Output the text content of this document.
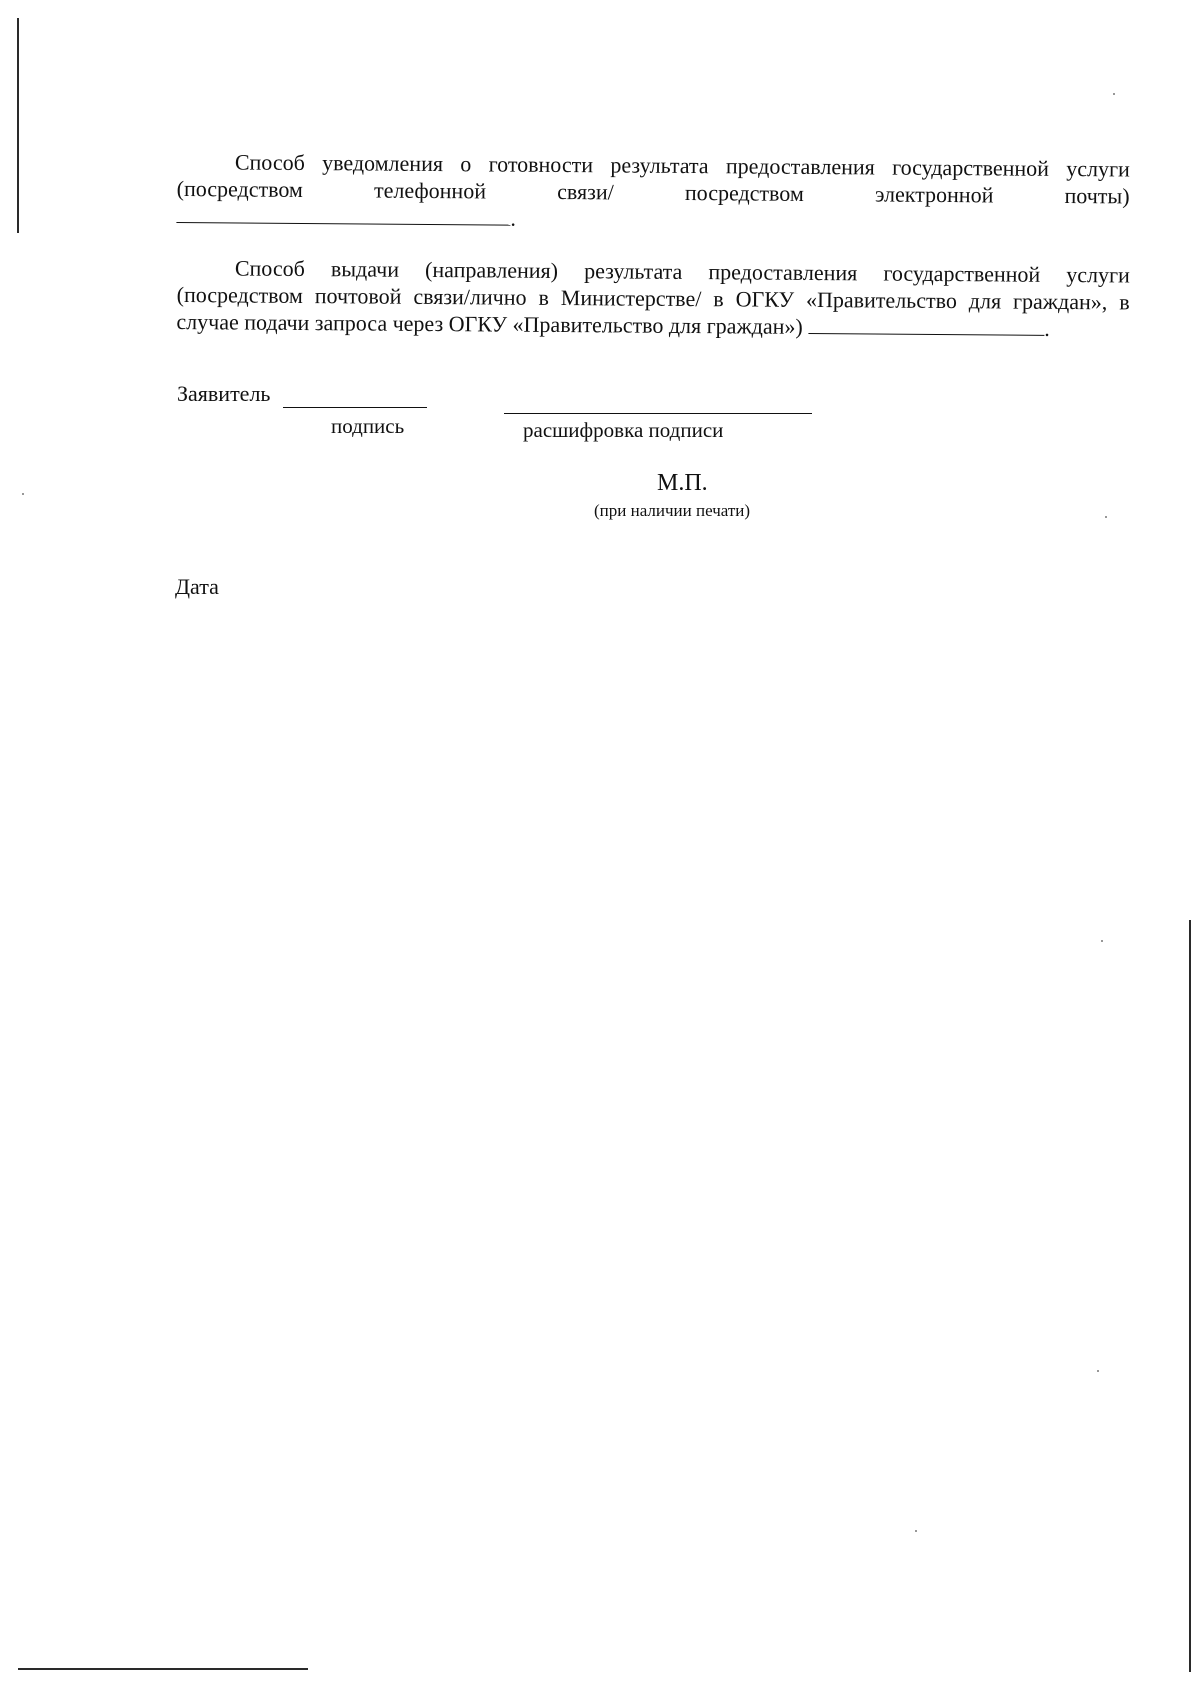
Способ уведомления о готовности результата предоставления государственной услуги

(посредством	телефонной	связи/	посредством	электронной	почты)
.

Способ выдачи (направления) результата предоставления государственной услуги (посредством почтовой связи/лично в Министерстве/ в ОГКУ «Правительство для граждан», в случае подачи запроса через ОГКУ «Правительство для граждан»)	.

Заявитель
подпись	расшифровка подписи
М.П.
(при наличии печати)
Дата
